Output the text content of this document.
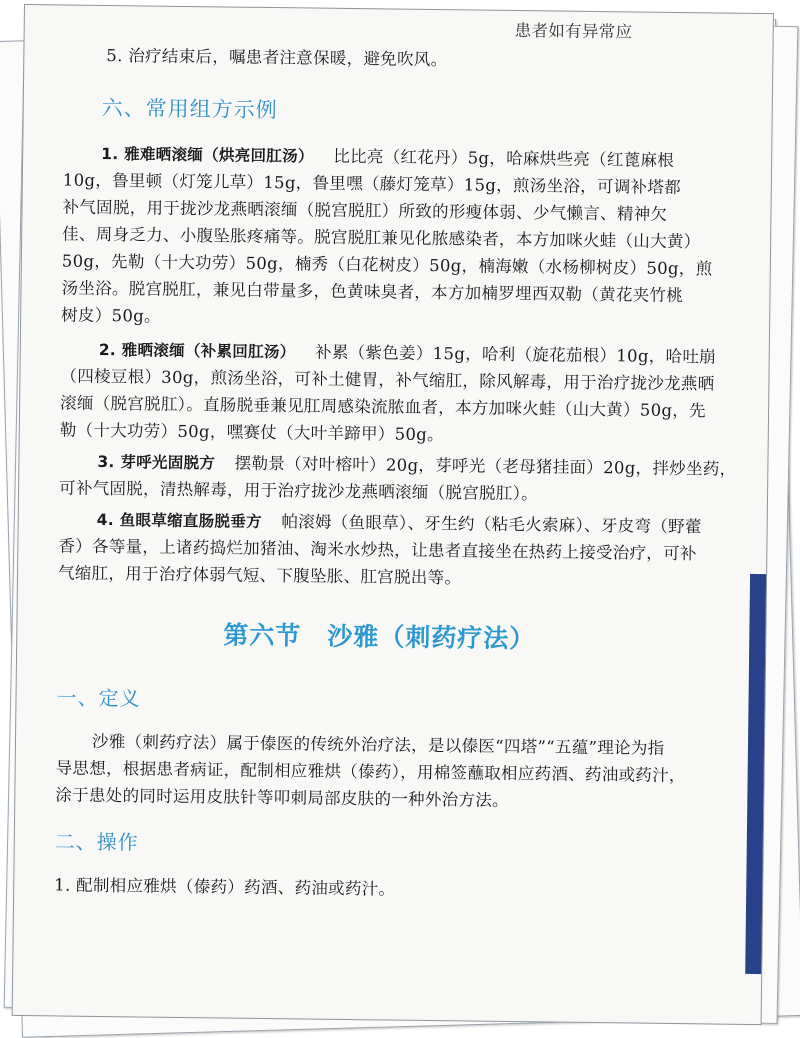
患者如有异常应
5. 治疗结束后，嘱患者注意保暖，避免吹风。
六、常用组方示例
1. 雅难晒滚缅（烘亮回肛汤） 比比亮（红花丹）5g，哈麻烘些亮（红蓖麻根
10g，鲁里顿（灯笼儿草）15g，鲁里嘿（藤灯笼草）15g，煎汤坐浴，可调补塔都
补气固脱，用于拢沙龙燕晒滚缅（脱宫脱肛）所致的形瘦体弱、少气懒言、精神欠
佳、周身乏力、小腹坠胀疼痛等。脱宫脱肛兼见化脓感染者，本方加咪火蛙（山大黄）
50g，先勒（十大功劳）50g，楠秀（白花树皮）50g，楠海嫩（水杨柳树皮）50g，煎
汤坐浴。脱宫脱肛，兼见白带量多，色黄味臭者，本方加楠罗埋西双勒（黄花夹竹桃
树皮）50g。
2. 雅晒滚缅（补累回肛汤） 补累（紫色姜）15g，哈利（旋花茄根）10g，哈吐崩
（四棱豆根）30g，煎汤坐浴，可补土健胃，补气缩肛，除风解毒，用于治疗拢沙龙燕晒
滚缅（脱宫脱肛）。直肠脱垂兼见肛周感染流脓血者，本方加咪火蛙（山大黄）50g，先
勒（十大功劳）50g，嘿赛仗（大叶羊蹄甲）50g。
3. 芽呼光固脱方 摆勒景（对叶榕叶）20g，芽呼光（老母猪挂面）20g，拌炒坐药，
可补气固脱，清热解毒，用于治疗拢沙龙燕晒滚缅（脱宫脱肛）。
4. 鱼眼草缩直肠脱垂方 帕滚姆（鱼眼草）、牙生约（粘毛火索麻）、牙皮弯（野藿
香）各等量，上诸药捣烂加猪油、淘米水炒热，让患者直接坐在热药上接受治疗，可补
气缩肛，用于治疗体弱气短、下腹坠胀、肛宫脱出等。
第六节　沙雅（刺药疗法）
一、定义
沙雅（刺药疗法）属于傣医的传统外治疗法，是以傣医“四塔”“五蕴”理论为指
导思想，根据患者病证，配制相应雅烘（傣药），用棉签蘸取相应药酒、药油或药汁，
涂于患处的同时运用皮肤针等叩刺局部皮肤的一种外治方法。
二、操作
1. 配制相应雅烘（傣药）药酒、药油或药汁。
